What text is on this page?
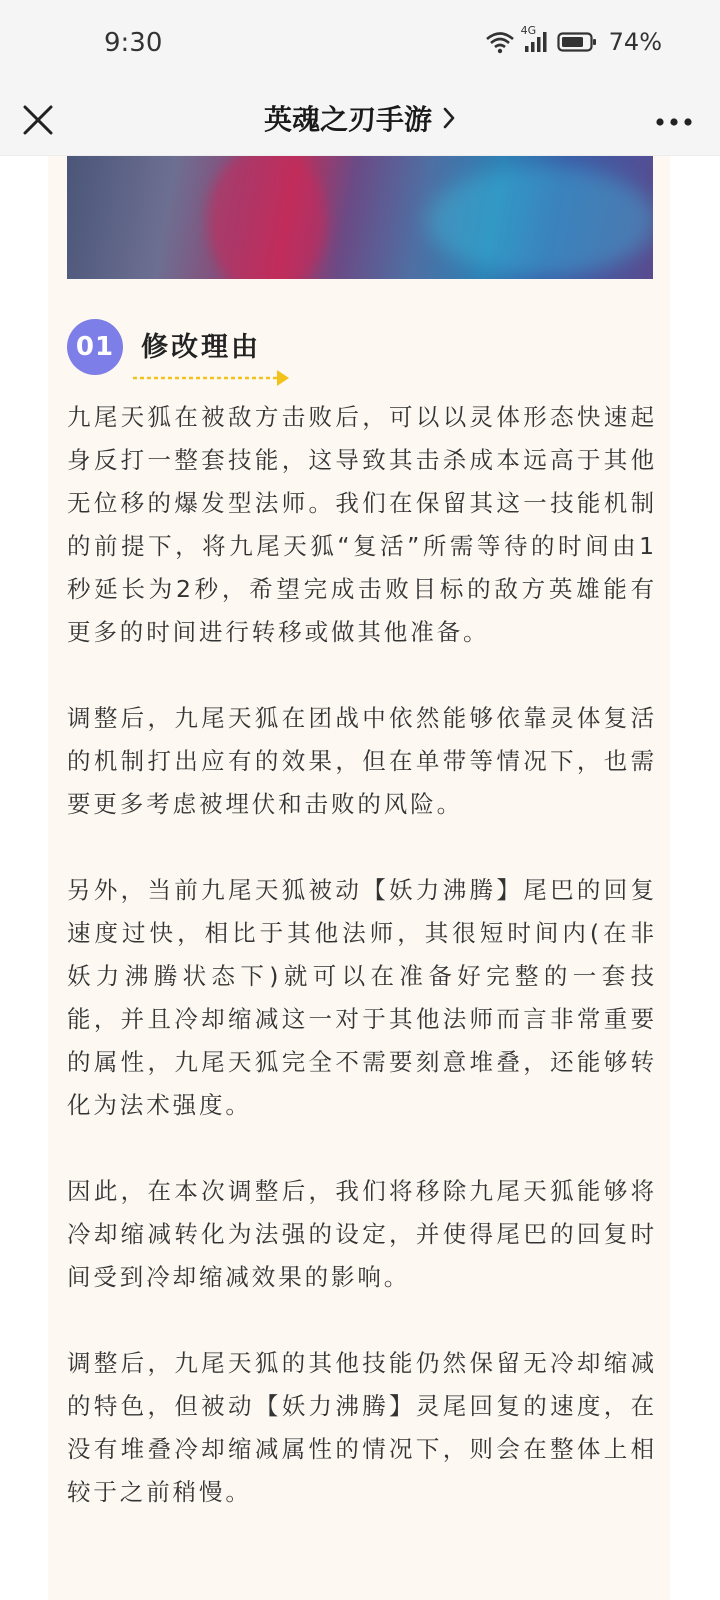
9:30	4G	74%
英魂之刃手游
01 修改理由

九尾天狐在被敌方击败后，可以以灵体形态快速起身反打一整套技能，这导致其击杀成本远高于其他无位移的爆发型法师。我们在保留其这一技能机制的前提下，将九尾天狐“复活”所需等待的时间由1秒延长为2秒，希望完成击败目标的敌方英雄能有更多的时间进行转移或做其他准备。

调整后，九尾天狐在团战中依然能够依靠灵体复活的机制打出应有的效果，但在单带等情况下，也需要更多考虑被埋伏和击败的风险。

另外，当前九尾天狐被动【妖力沸腾】尾巴的回复速度过快，相比于其他法师，其很短时间内(在非妖力沸腾状态下)就可以在准备好完整的一套技能，并且冷却缩减这一对于其他法师而言非常重要的属性，九尾天狐完全不需要刻意堆叠，还能够转化为法术强度。

因此，在本次调整后，我们将移除九尾天狐能够将冷却缩减转化为法强的设定，并使得尾巴的回复时间受到冷却缩减效果的影响。

调整后，九尾天狐的其他技能仍然保留无冷却缩减的特色，但被动【妖力沸腾】灵尾回复的速度，在没有堆叠冷却缩减属性的情况下，则会在整体上相较于之前稍慢。
